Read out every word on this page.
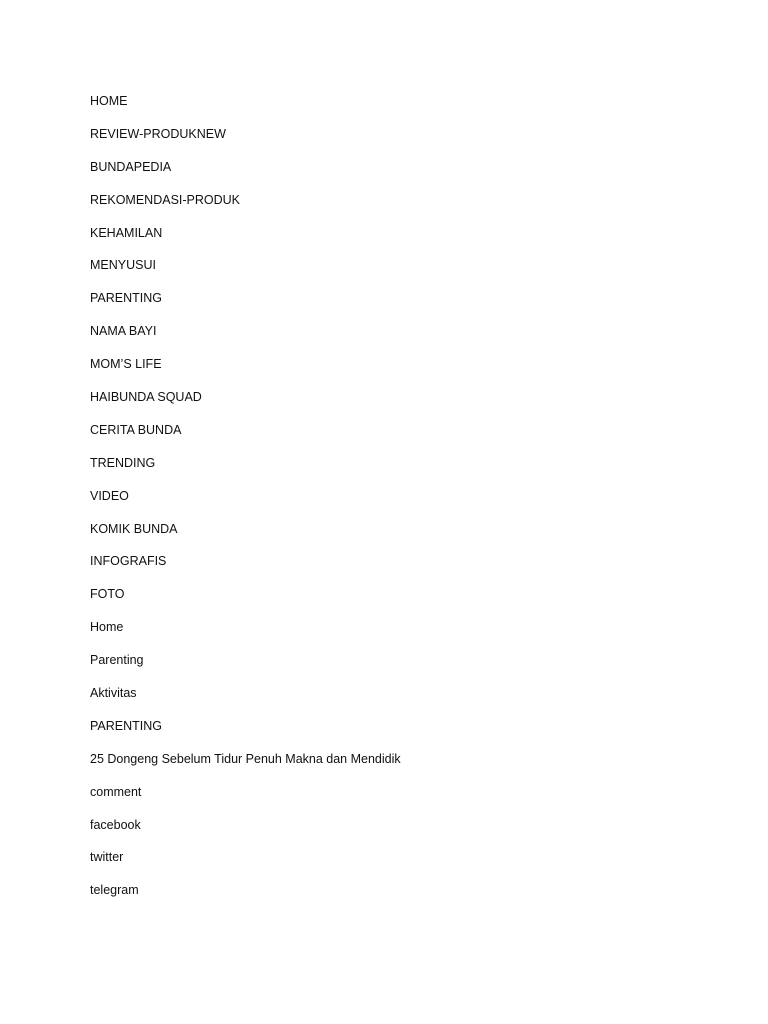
HOME
REVIEW-PRODUKNEW
BUNDAPEDIA
REKOMENDASI-PRODUK
KEHAMILAN
MENYUSUI
PARENTING
NAMA BAYI
MOM’S LIFE
HAIBUNDA SQUAD
CERITA BUNDA
TRENDING
VIDEO
KOMIK BUNDA
INFOGRAFIS
FOTO
Home
Parenting
Aktivitas
PARENTING
25 Dongeng Sebelum Tidur Penuh Makna dan Mendidik
comment
facebook
twitter
telegram
